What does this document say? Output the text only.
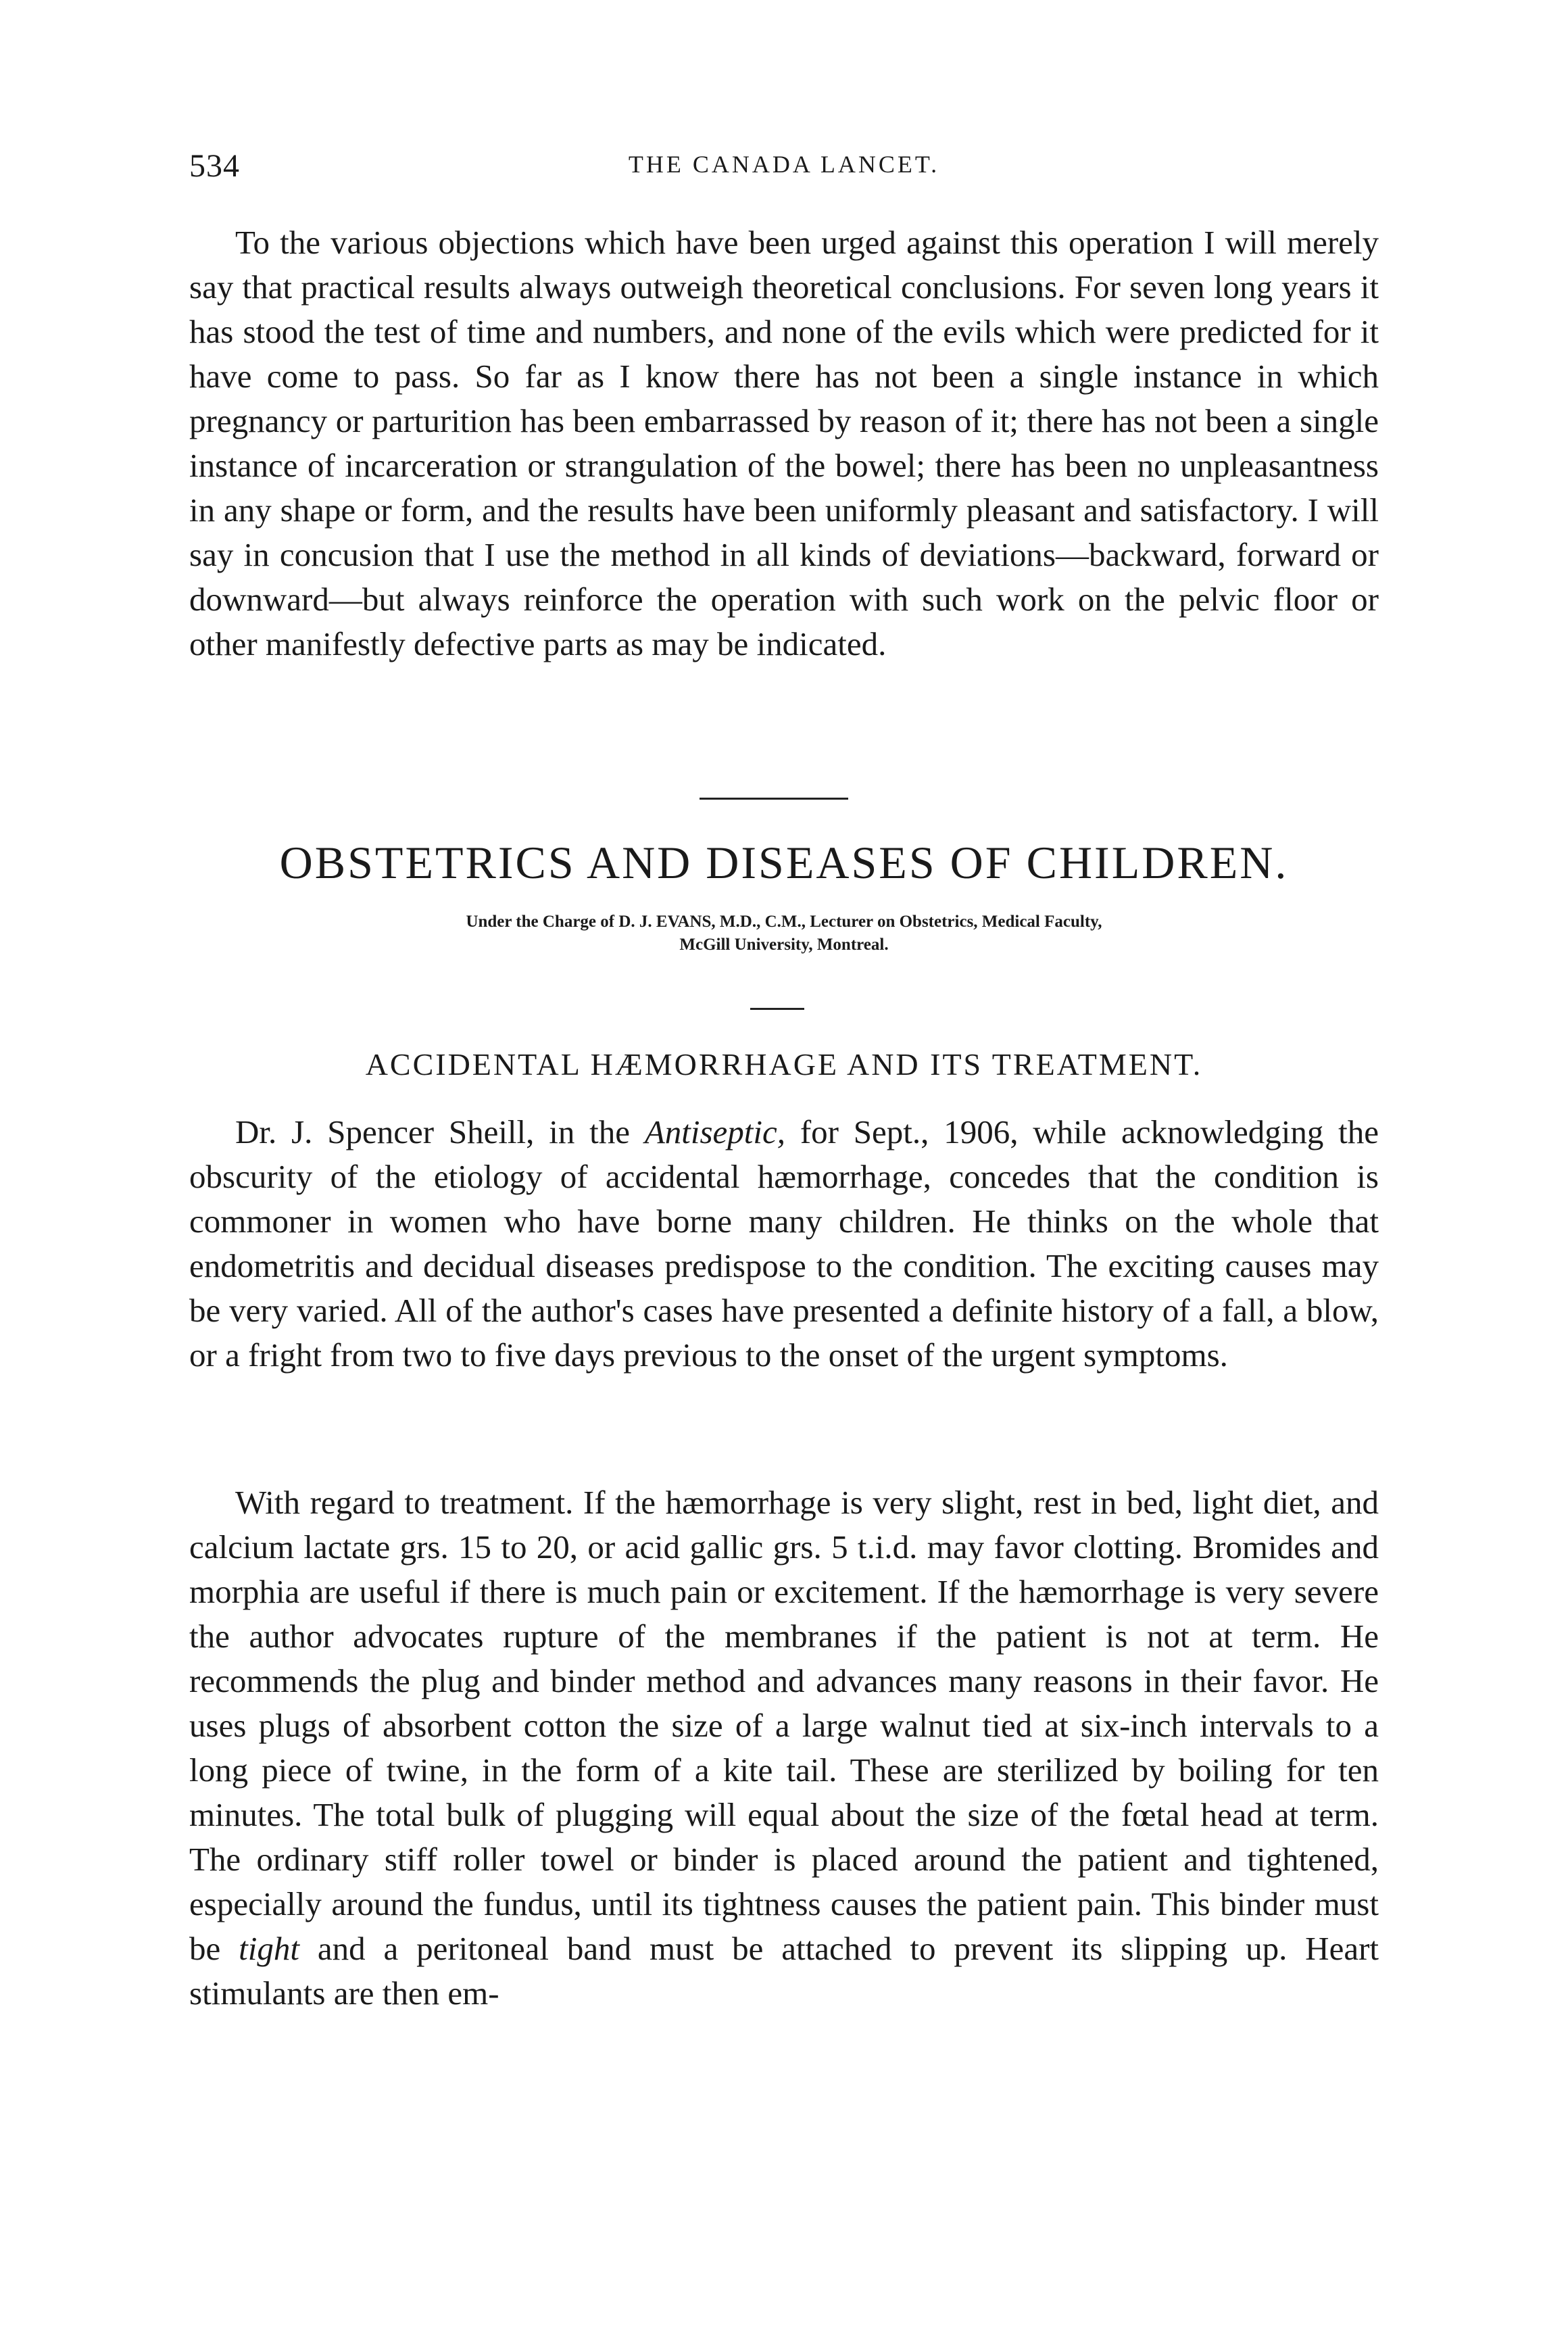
534	THE CANADA LANCET.

To the various objections which have been urged against this operation I will merely say that practical results always outweigh theoretical conclusions. For seven long years it has stood the test of time and numbers, and none of the evils which were predicted for it have come to pass. So far as I know there has not been a single instance in which pregnancy or parturition has been embarrassed by reason of it; there has not been a single instance of incarceration or strangulation of the bowel; there has been no unpleasantness in any shape or form, and the results have been uniformly pleasant and satisfactory. I will say in concusion that I use the method in all kinds of deviations—backward, forward or downward—but always reinforce the operation with such work on the pelvic floor or other manifestly defective parts as may be indicated.

OBSTETRICS AND DISEASES OF CHILDREN.

Under the Charge of D. J. EVANS, M.D., C.M., Lecturer on Obstetrics, Medical Faculty,
McGill University, Montreal.

ACCIDENTAL HÆMORRHAGE AND ITS TREATMENT.

Dr. J. Spencer Sheill, in the Antiseptic, for Sept., 1906, while acknowledging the obscurity of the etiology of accidental hæmorrhage, concedes that the condition is commoner in women who have borne many children. He thinks on the whole that endometritis and decidual diseases predispose to the condition. The exciting causes may be very varied. All of the author's cases have presented a definite history of a fall, a blow, or a fright from two to five days previous to the onset of the urgent symptoms.

With regard to treatment. If the hæmorrhage is very slight, rest in bed, light diet, and calcium lactate grs. 15 to 20, or acid gallic grs. 5 t.i.d. may favor clotting. Bromides and morphia are useful if there is much pain or excitement. If the hæmorrhage is very severe the author advocates rupture of the membranes if the patient is not at term. He recommends the plug and binder method and advances many reasons in their favor. He uses plugs of absorbent cotton the size of a large walnut tied at six-inch intervals to a long piece of twine, in the form of a kite tail. These are sterilized by boiling for ten minutes. The total bulk of plugging will equal about the size of the fœtal head at term. The ordinary stiff roller towel or binder is placed around the patient and tightened, especially around the fundus, until its tightness causes the patient pain. This binder must be tight and a peritoneal band must be attached to prevent its slipping up. Heart stimulants are then em-
